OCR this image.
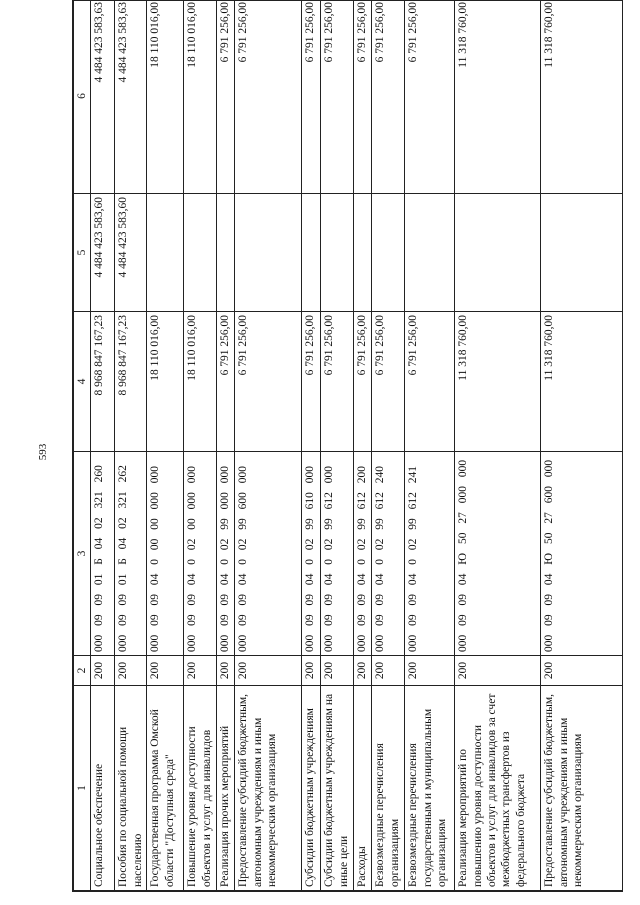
593
1	2	3	4	5	6
Социальное обеспечение	200	000 09 09 01 Б 04 02 321 260	8 968 847 167,23	4 484 423 583,60	4 484 423 583,63
Пособия по социальной помощи населению	200	000 09 09 01 Б 04 02 321 262	8 968 847 167,23	4 484 423 583,60	4 484 423 583,63
Государственная программа Омской области "Доступная среда"	200	000 09 09 04 0 00 00 000 000	18 110 016,00		18 110 016,00
Повышение уровня доступности объектов и услуг для инвалидов	200	000 09 09 04 0 02 00 000 000	18 110 016,00		18 110 016,00
Реализация прочих мероприятий	200	000 09 09 04 0 02 99 000 000	6 791 256,00		6 791 256,00
Предоставление субсидий бюджетным, автономным учреждениям и иным некоммерческим организациям	200	000 09 09 04 0 02 99 600 000	6 791 256,00		6 791 256,00
Субсидии бюджетным учреждениям	200	000 09 09 04 0 02 99 610 000	6 791 256,00		6 791 256,00
Субсидии бюджетным учреждениям на иные цели	200	000 09 09 04 0 02 99 612 000	6 791 256,00		6 791 256,00
Расходы	200	000 09 09 04 0 02 99 612 200	6 791 256,00		6 791 256,00
Безвозмездные перечисления организациям	200	000 09 09 04 0 02 99 612 240	6 791 256,00		6 791 256,00
Безвозмездные перечисления государственным и муниципальным организациям	200	000 09 09 04 0 02 99 612 241	6 791 256,00		6 791 256,00
Реализация мероприятий по повышению уровня доступности объектов и услуг для инвалидов за счет межбюджетных трансфертов из федерального бюджета	200	000 09 09 04 Ю 50 27 000 000	11 318 760,00		11 318 760,00
Предоставление субсидий бюджетным, автономным учреждениям и иным некоммерческим организациям	200	000 09 09 04 Ю 50 27 600 000	11 318 760,00		11 318 760,00
